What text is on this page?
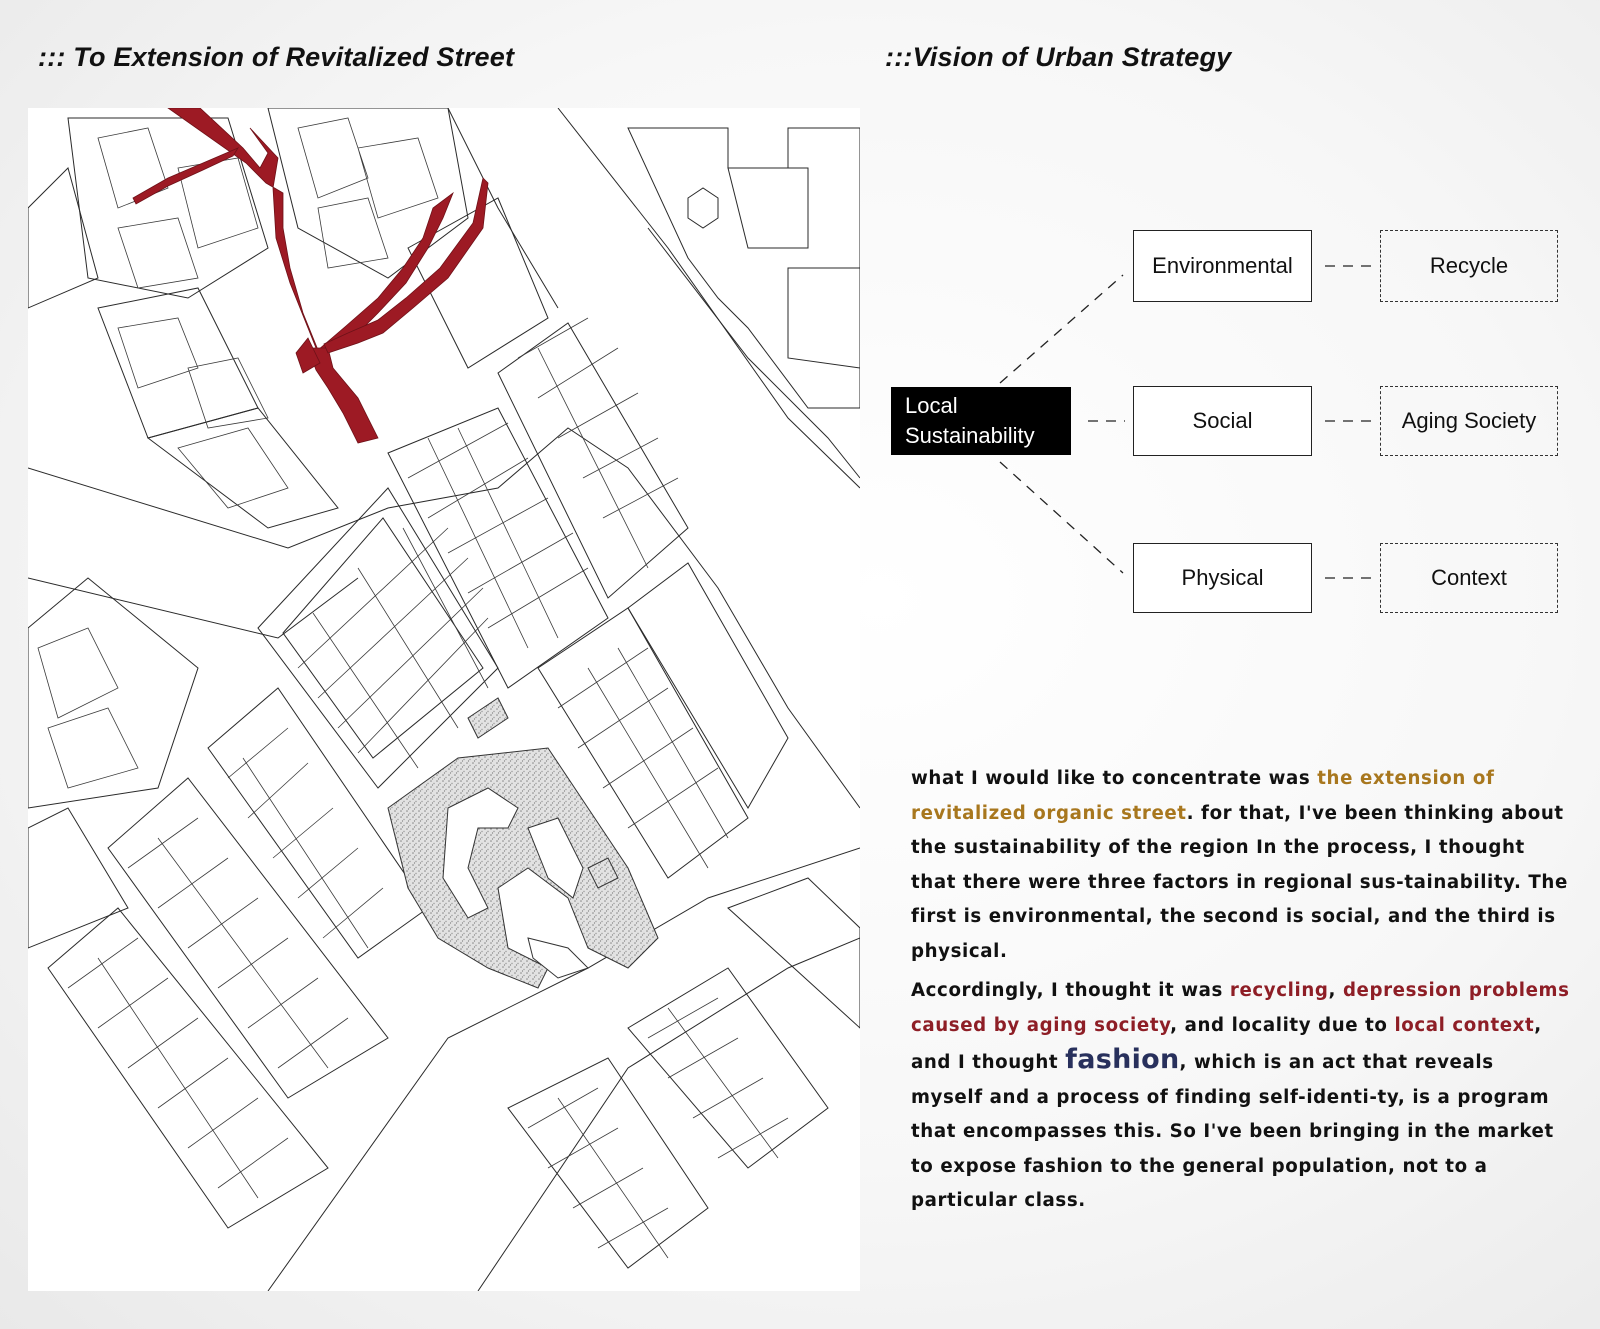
::: To Extension of Revitalized Street	:::Vision of Urban Strategy
Local
Sustainability
Environmental
Social
Physical
Recycle
Aging Society
Context

what I would like to concentrate was the extension of revitalized organic street. for that, I've been thinking about the sustainability of the region In the process, I thought that there were three factors in regional sus-tainability. The first is environmental, the second is social, and the third is physical.

Accordingly, I thought it was recycling, depression problems caused by aging society, and locality due to local context, and I thought fashion, which is an act that reveals myself and a process of finding self-identi-ty, is a program that encompasses this. So I've been bringing in the market to expose fashion to the general population, not to a particular class.
